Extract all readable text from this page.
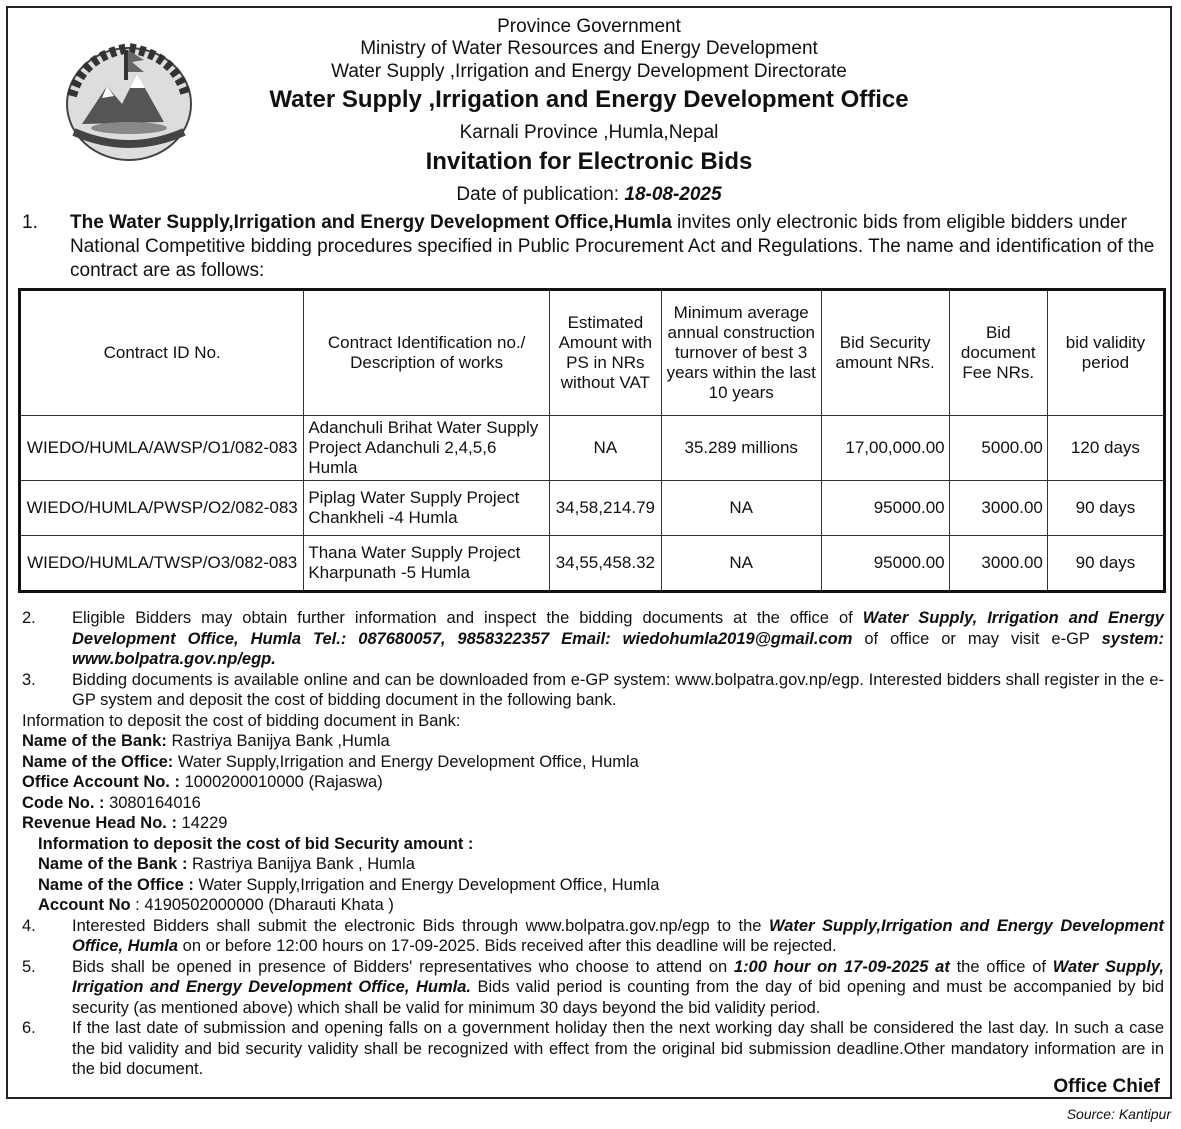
Province Government
Ministry of Water Resources and Energy Development
Water Supply ,Irrigation and Energy Development Directorate
Water Supply ,Irrigation and Energy Development Office
Karnali Province ,Humla,Nepal
Invitation for Electronic Bids
Date of publication: 18-08-2025
1. The Water Supply,Irrigation and Energy Development Office,Humla invites only electronic bids from eligible bidders under National Competitive bidding procedures specified in Public Procurement Act and Regulations. The name and identification of the contract are as follows:
Contract ID No.	Contract Identification no./ Description of works	Estimated Amount with PS in NRs without VAT	Minimum average annual construction turnover of best 3 years within the last 10 years	Bid Security amount NRs.	Bid document Fee NRs.	bid validity period
WIEDO/HUMLA/AWSP/O1/082-083	Adanchuli Brihat Water Supply Project Adanchuli 2,4,5,6 Humla	NA	35.289 millions	17,00,000.00	5000.00	120 days
WIEDO/HUMLA/PWSP/O2/082-083	Piplag Water Supply Project Chankheli -4 Humla	34,58,214.79	NA	95000.00	3000.00	90 days
WIEDO/HUMLA/TWSP/O3/082-083	Thana Water Supply Project Kharpunath -5 Humla	34,55,458.32	NA	95000.00	3000.00	90 days
2. Eligible Bidders may obtain further information and inspect the bidding documents at the office of Water Supply, Irrigation and Energy Development Office, Humla Tel.: 087680057, 9858322357 Email: wiedohumla2019@gmail.com of office or may visit e-GP system: www.bolpatra.gov.np/egp.
3. Bidding documents is available online and can be downloaded from e-GP system: www.bolpatra.gov.np/egp. Interested bidders shall register in the e-GP system and deposit the cost of bidding document in the following bank.
Information to deposit the cost of bidding document in Bank:
Name of the Bank: Rastriya Banijya Bank ,Humla
Name of the Office: Water Supply,Irrigation and Energy Development Office, Humla
Office Account No. : 1000200010000 (Rajaswa)
Code No. : 3080164016
Revenue Head No. : 14229
Information to deposit the cost of bid Security amount :
Name of the Bank : Rastriya Banijya Bank , Humla
Name of the Office : Water Supply,Irrigation and Energy Development Office, Humla
Account No : 4190502000000 (Dharauti Khata )
4. Interested Bidders shall submit the electronic Bids through www.bolpatra.gov.np/egp to the Water Supply,Irrigation and Energy Development Office, Humla on or before 12:00 hours on 17-09-2025. Bids received after this deadline will be rejected.
5. Bids shall be opened in presence of Bidders' representatives who choose to attend on 1:00 hour on 17-09-2025 at the office of Water Supply, Irrigation and Energy Development Office, Humla. Bids valid period is counting from the day of bid opening and must be accompanied by bid security (as mentioned above) which shall be valid for minimum 30 days beyond the bid validity period.
6. If the last date of submission and opening falls on a government holiday then the next working day shall be considered the last day. In such a case the bid validity and bid security validity shall be recognized with effect from the original bid submission deadline.Other mandatory information are in the bid document.
Office Chief
Source: Kantipur
